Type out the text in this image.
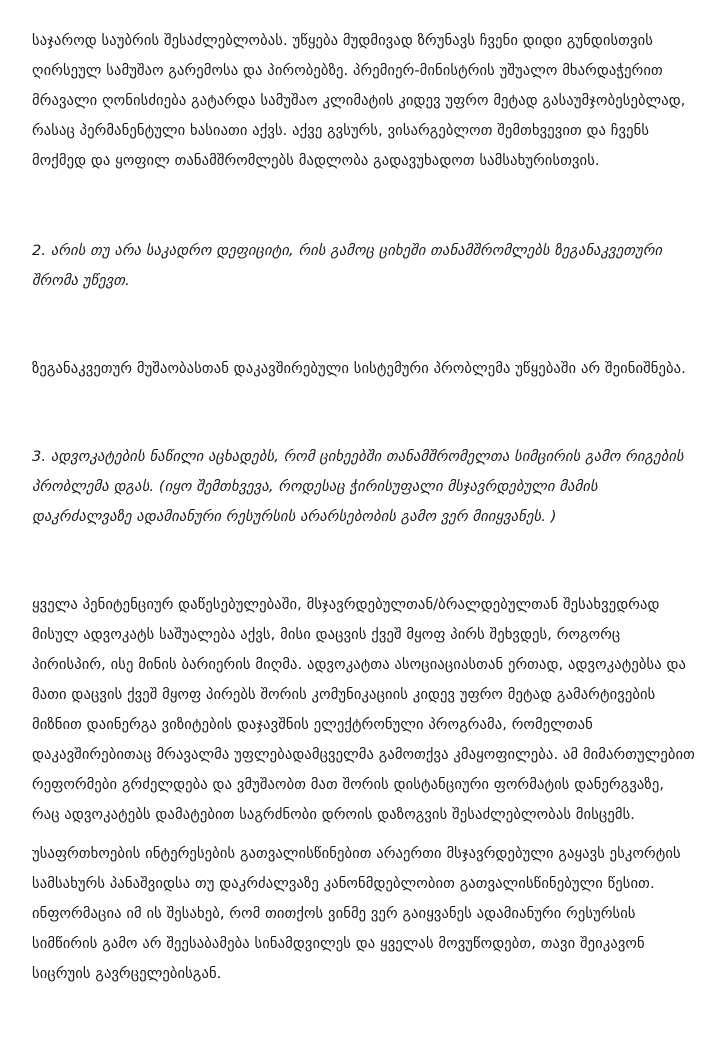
საჯაროდ საუბრის შესაძლებლობას. უწყება მუდმივად ზრუნავს ჩვენი დიდი გუნდისთვის ღირსეულ სამუშაო გარემოსა და პირობებზე. პრემიერ-მინისტრის უშუალო მხარდაჭერით მრავალი ღონისძიება გატარდა სამუშაო კლიმატის კიდევ უფრო მეტად გასაუმჯობესებლად, რასაც პერმანენტული ხასიათი აქვს. აქვე გვსურს, ვისარგებლოთ შემთხვევით და ჩვენს მოქმედ და ყოფილ თანამშრომლებს მადლობა გადავუხადოთ სამსახურისთვის.

2. არის თუ არა საკადრო დეფიციტი, რის გამოც ციხეში თანამშრომლებს ზეგანაკვეთური შრომა უწევთ.

ზეგანაკვეთურ მუშაობასთან დაკავშირებული სისტემური პრობლემა უწყებაში არ შეინიშნება.

3. ადვოკატების ნაწილი აცხადებს, რომ ციხეებში თანამშრომელთა სიმცირის გამო რიგების პრობლემა დგას. (იყო შემთხვევა, როდესაც ჭირისუფალი მსჯავრდებული მამის დაკრძალვაზე ადამიანური რესურსის არარსებობის გამო ვერ მიიყვანეს. )

ყველა პენიტენციურ დაწესებულებაში, მსჯავრდებულთან/ბრალდებულთან შესახვედრად მისულ ადვოკატს საშუალება აქვს, მისი დაცვის ქვეშ მყოფ პირს შეხვდეს, როგორც პირისპირ, ისე მინის ბარიერის მიღმა. ადვოკატთა ასოციაციასთან ერთად, ადვოკატებსა და მათი დაცვის ქვეშ მყოფ პირებს შორის კომუნიკაციის კიდევ უფრო მეტად გამარტივების მიზნით დაინერგა ვიზიტების დაჯავშნის ელექტრონული პროგრამა, რომელთან დაკავშირებითაც მრავალმა უფლებადამცველმა გამოთქვა კმაყოფილება. ამ მიმართულებით რეფორმები გრძელდება და ვმუშაობთ მათ შორის დისტანციური ფორმატის დანერგვაზე, რაც ადვოკატებს დამატებით საგრძნობი დროის დაზოგვის შესაძლებლობას მისცემს.

უსაფრთხოების ინტერესების გათვალისწინებით არაერთი მსჯავრდებული გაყავს ესკორტის სამსახურს პანაშვიდსა თუ დაკრძალვაზე კანონმდებლობით გათვალისწინებული წესით. ინფორმაცია იმ ის შესახებ, რომ თითქოს ვინმე ვერ გაიყვანეს ადამიანური რესურსის სიმწირის გამო არ შეესაბამება სინამდვილეს და ყველას მოვუწოდებთ, თავი შეიკავონ სიცრუის გავრცელებისგან.
